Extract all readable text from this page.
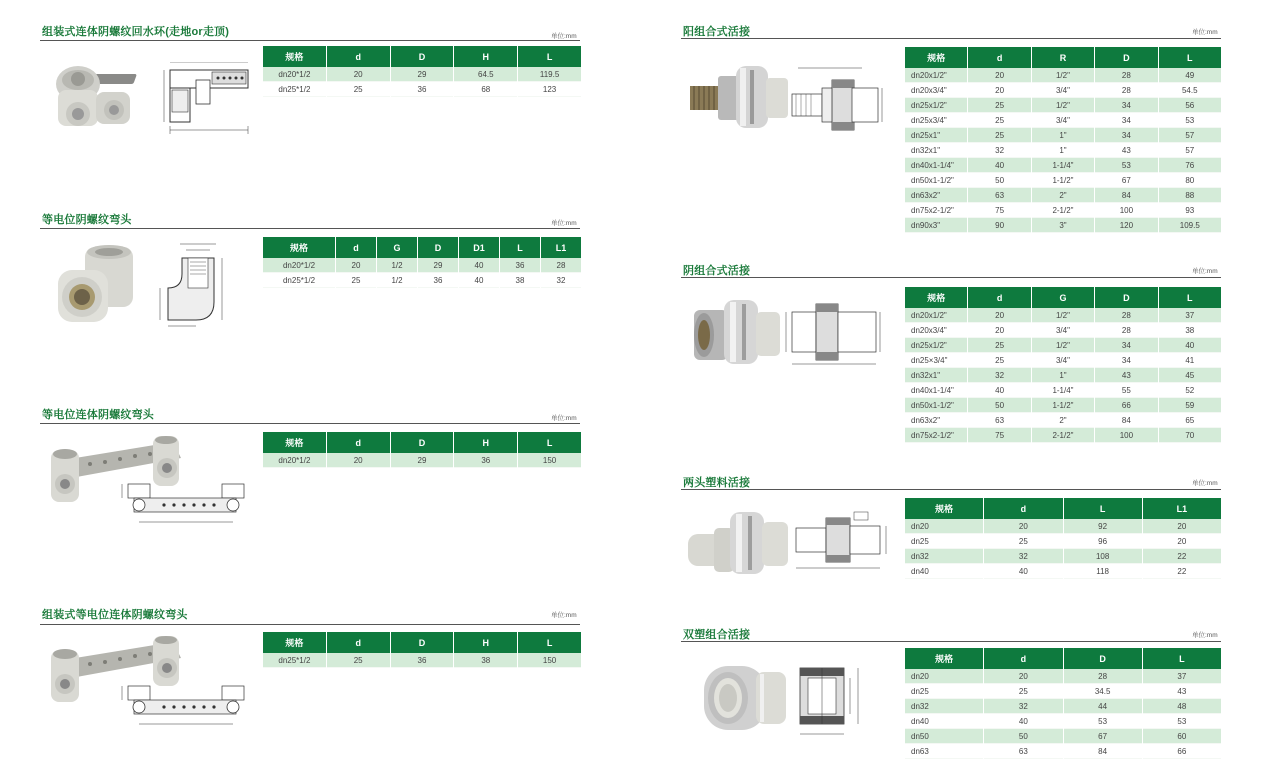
组装式连体阴螺纹回水环(走地or走顶)	单位:mm
规格	d	D	H	L
dn20*1/2	20	29	64.5	119.5
dn25*1/2	25	36	68	123
等电位阴螺纹弯头	单位:mm
规格	d	G	D	D1	L	L1
dn20*1/2	20	1/2	29	40	36	28
dn25*1/2	25	1/2	36	40	38	32
等电位连体阴螺纹弯头	单位:mm
规格	d	D	H	L
dn20*1/2	20	29	36	150
组装式等电位连体阴螺纹弯头	单位:mm
规格	d	D	H	L
dn25*1/2	25	36	38	150
阳组合式活接	单位:mm
规格	d	R	D	L
dn20x1/2"	20	1/2"	28	49
dn20x3/4"	20	3/4"	28	54.5
dn25x1/2"	25	1/2"	34	56
dn25x3/4"	25	3/4"	34	53
dn25x1"	25	1"	34	57
dn32x1"	32	1"	43	57
dn40x1-1/4"	40	1-1/4"	53	76
dn50x1-1/2"	50	1-1/2"	67	80
dn63x2"	63	2"	84	88
dn75x2-1/2"	75	2-1/2"	100	93
dn90x3"	90	3"	120	109.5
阴组合式活接	单位:mm
规格	d	G	D	L
dn20x1/2"	20	1/2"	28	37
dn20x3/4"	20	3/4"	28	38
dn25x1/2"	25	1/2"	34	40
dn25×3/4"	25	3/4"	34	41
dn32x1"	32	1"	43	45
dn40x1-1/4"	40	1-1/4"	55	52
dn50x1-1/2"	50	1-1/2"	66	59
dn63x2"	63	2"	84	65
dn75x2-1/2"	75	2-1/2"	100	70
两头塑料活接	单位:mm
规格	d	L	L1
dn20	20	92	20
dn25	25	96	20
dn32	32	108	22
dn40	40	118	22
双塑组合活接	单位:mm
规格	d	D	L
dn20	20	28	37
dn25	25	34.5	43
dn32	32	44	48
dn40	40	53	53
dn50	50	67	60
dn63	63	84	66
